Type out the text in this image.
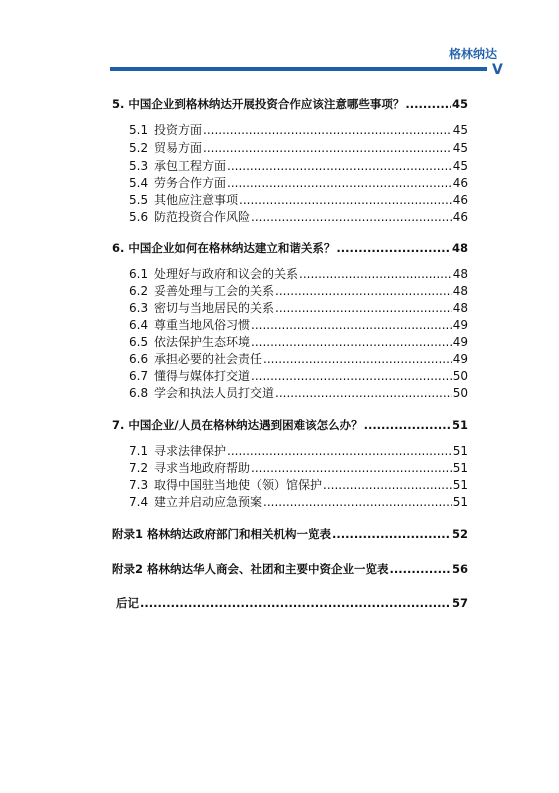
格林纳达
V
5. 中国企业到格林纳达开展投资合作应该注意哪些事项？ .....	45
5.1 投资方面 .....	45
5.2 贸易方面 .....	45
5.3 承包工程方面 .....	45
5.4 劳务合作方面 .....	46
5.5 其他应注意事项 .....	46
5.6 防范投资合作风险 .....	46
6. 中国企业如何在格林纳达建立和谐关系？ .....	48
6.1 处理好与政府和议会的关系 .....	48
6.2 妥善处理与工会的关系 .....	48
6.3 密切与当地居民的关系 .....	48
6.4 尊重当地风俗习惯 .....	49
6.5 依法保护生态环境 .....	49
6.6 承担必要的社会责任 .....	49
6.7 懂得与媒体打交道 .....	50
6.8 学会和执法人员打交道 .....	50
7. 中国企业/人员在格林纳达遇到困难该怎么办？ .....	51
7.1 寻求法律保护 .....	51
7.2 寻求当地政府帮助 .....	51
7.3 取得中国驻当地使（领）馆保护 .....	51
7.4 建立并启动应急预案 .....	51
附录1 格林纳达政府部门和相关机构一览表 .....	52
附录2 格林纳达华人商会、社团和主要中资企业一览表 .....	56
后记 .....	57
